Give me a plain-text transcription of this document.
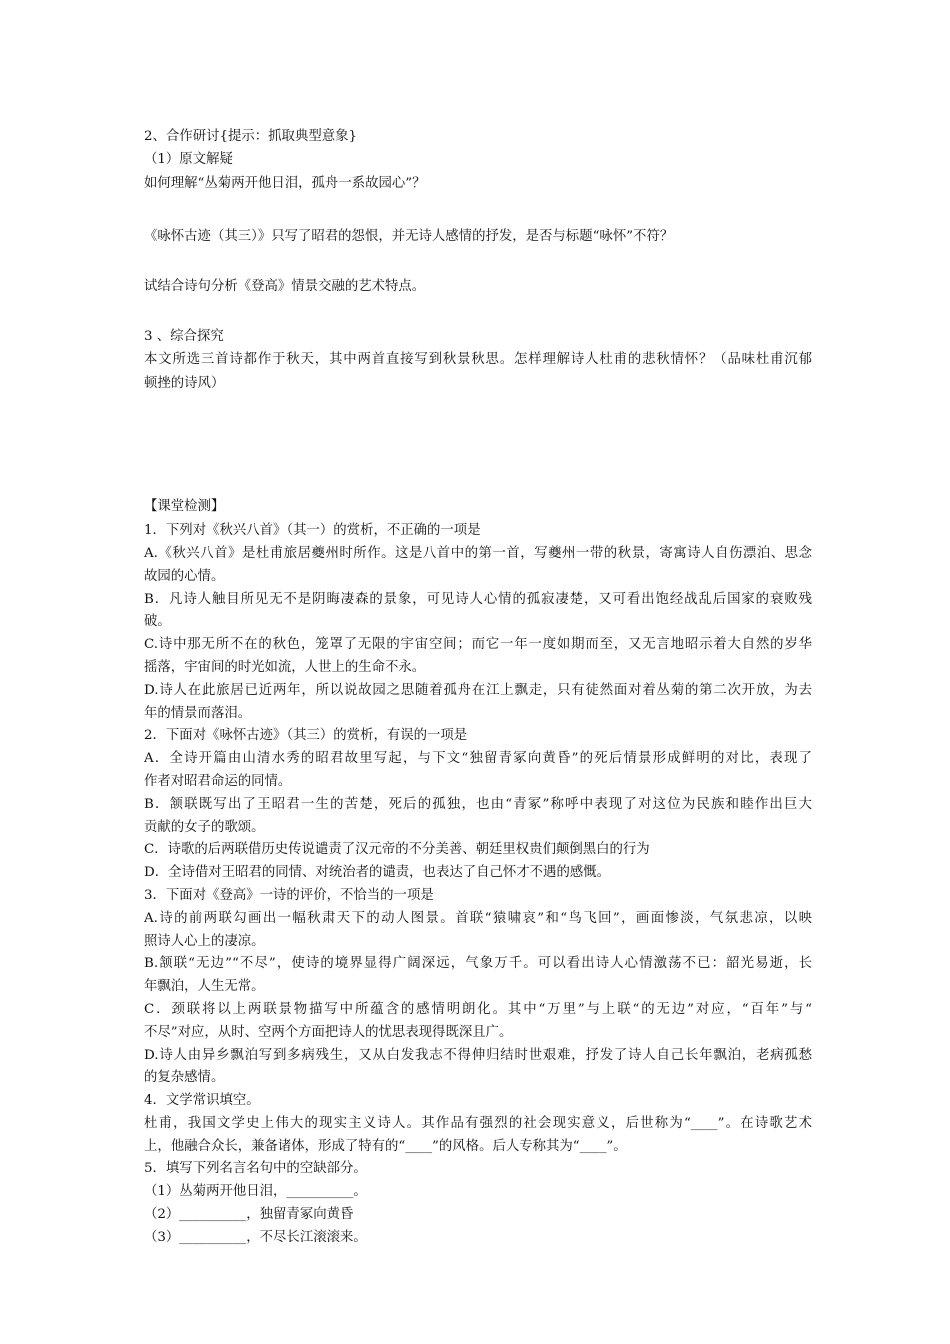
2、合作研讨{提示：抓取典型意象}
（1）原文解疑
如何理解“丛菊两开他日泪，孤舟一系故园心”？
《咏怀古迹（其三）》只写了昭君的怨恨，并无诗人感情的抒发，是否与标题“咏怀”不符？
试结合诗句分析《登高》情景交融的艺术特点。
3 、综合探究
本文所选三首诗都作于秋天，其中两首直接写到秋景秋思。怎样理解诗人杜甫的悲秋情怀？（品味杜甫沉郁
顿挫的诗风）
【课堂检测】
1．下列对《秋兴八首》（其一）的赏析，不正确的一项是
A.《秋兴八首》是杜甫旅居夔州时所作。这是八首中的第一首，写夔州一带的秋景，寄寓诗人自伤漂泊、思念
故园的心情。
B．凡诗人触目所见无不是阴晦凄森的景象，可见诗人心情的孤寂凄楚，又可看出饱经战乱后国家的衰败残
破。
C.诗中那无所不在的秋色，笼罩了无限的宇宙空间；而它一年一度如期而至，又无言地昭示着大自然的岁华
摇落，宇宙间的时光如流，人世上的生命不永。
D.诗人在此旅居已近两年，所以说故园之思随着孤舟在江上飘走，只有徒然面对着丛菊的第二次开放，为去
年的情景而落泪。
2．下面对《咏怀古迹》（其三）的赏析，有误的一项是
A．全诗开篇由山清水秀的昭君故里写起，与下文“独留青冢向黄昏”的死后情景形成鲜明的对比，表现了
作者对昭君命运的同情。
B．颔联既写出了王昭君一生的苦楚，死后的孤独，也由“青冢”称呼中表现了对这位为民族和睦作出巨大
贡献的女子的歌颂。
C．诗歌的后两联借历史传说谴责了汉元帝的不分美善、朝廷里权贵们颠倒黑白的行为
D．全诗借对王昭君的同情、对统治者的谴责，也表达了自己怀才不遇的感慨。
3．下面对《登高》一诗的评价，不恰当的一项是
A.诗的前两联勾画出一幅秋肃天下的动人图景。首联“猿啸哀”和“鸟飞回”，画面惨淡，气氛悲凉，以映
照诗人心上的凄凉。
B.颔联“无边”“不尽”，使诗的境界显得广阔深远，气象万千。可以看出诗人心情激荡不已：韶光易逝，长
年飘泊，人生无常。
C．颈联将以上两联景物描写中所蕴含的感情明朗化。其中“万里”与上联“的无边”对应，“百年”与“
不尽”对应，从时、空两个方面把诗人的忧思表现得既深且广。
D.诗人由异乡飘泊写到多病残生，又从白发我志不得伸归结时世艰难，抒发了诗人自己长年飘泊，老病孤愁
的复杂感情。
4．文学常识填空。
杜甫，我国文学史上伟大的现实主义诗人。其作品有强烈的社会现实意义，后世称为“____”。在诗歌艺术
上，他融合众长，兼备诸体，形成了特有的“____”的风格。后人专称其为“____”。
5．填写下列名言名句中的空缺部分。
（1）丛菊两开他日泪，__________。
（2）__________，独留青冢向黄昏
（3）__________，不尽长江滚滚来。
